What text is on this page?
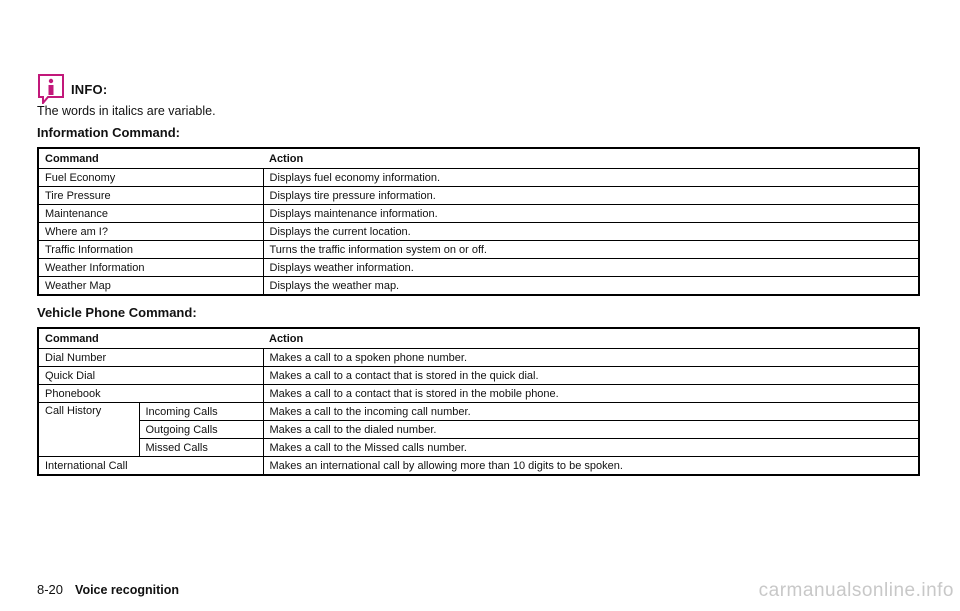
INFO:
The words in italics are variable.
Information Command:
Command	Action
Fuel Economy	Displays fuel economy information.
Tire Pressure	Displays tire pressure information.
Maintenance	Displays maintenance information.
Where am I?	Displays the current location.
Traffic Information	Turns the traffic information system on or off.
Weather Information	Displays weather information.
Weather Map	Displays the weather map.
Vehicle Phone Command:
Command		Action
Dial Number		Makes a call to a spoken phone number.
Quick Dial		Makes a call to a contact that is stored in the quick dial.
Phonebook		Makes a call to a contact that is stored in the mobile phone.
Call History	Incoming Calls	Makes a call to the incoming call number.
	Outgoing Calls	Makes a call to the dialed number.
	Missed Calls	Makes a call to the Missed calls number.
International Call		Makes an international call by allowing more than 10 digits to be spoken.
8-20 Voice recognition	carmanualsonline.info
